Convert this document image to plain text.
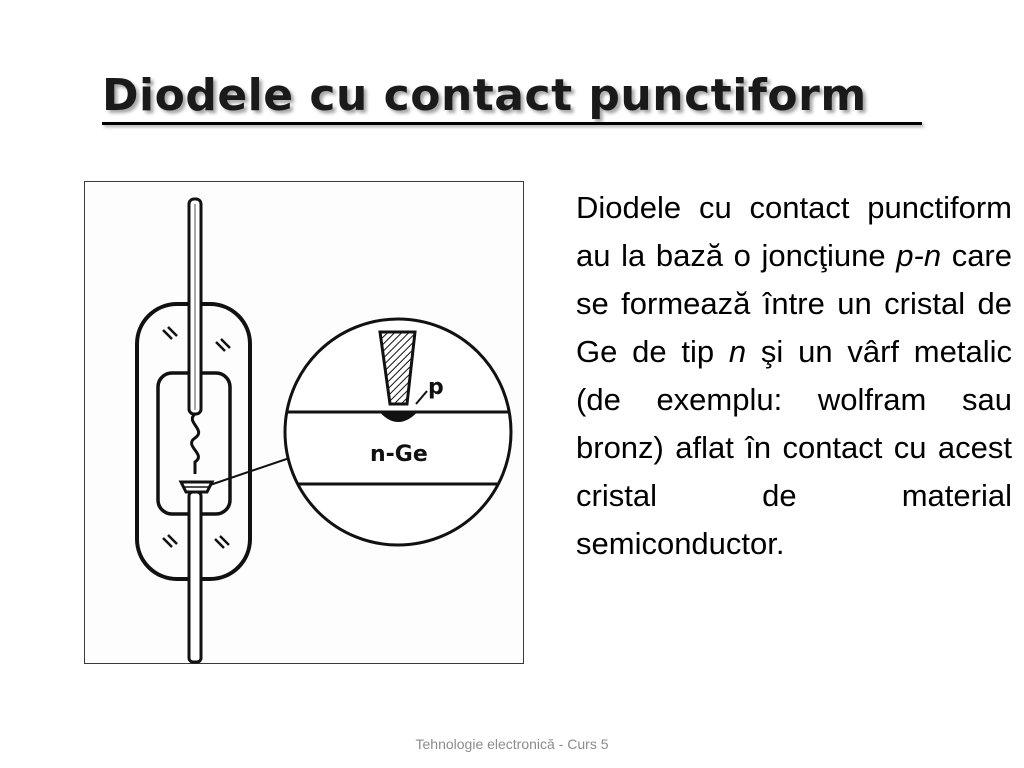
Diodele cu contact punctiform
p
n-Ge
Diodele cu contact punctiform au la bază o joncţiune p-n care se formează între un cristal de Ge de tip n şi un vârf metalic (de exemplu: wolfram sau bronz) aflat în contact cu acest cristal de material semiconductor.
Tehnologie electronică - Curs 5
